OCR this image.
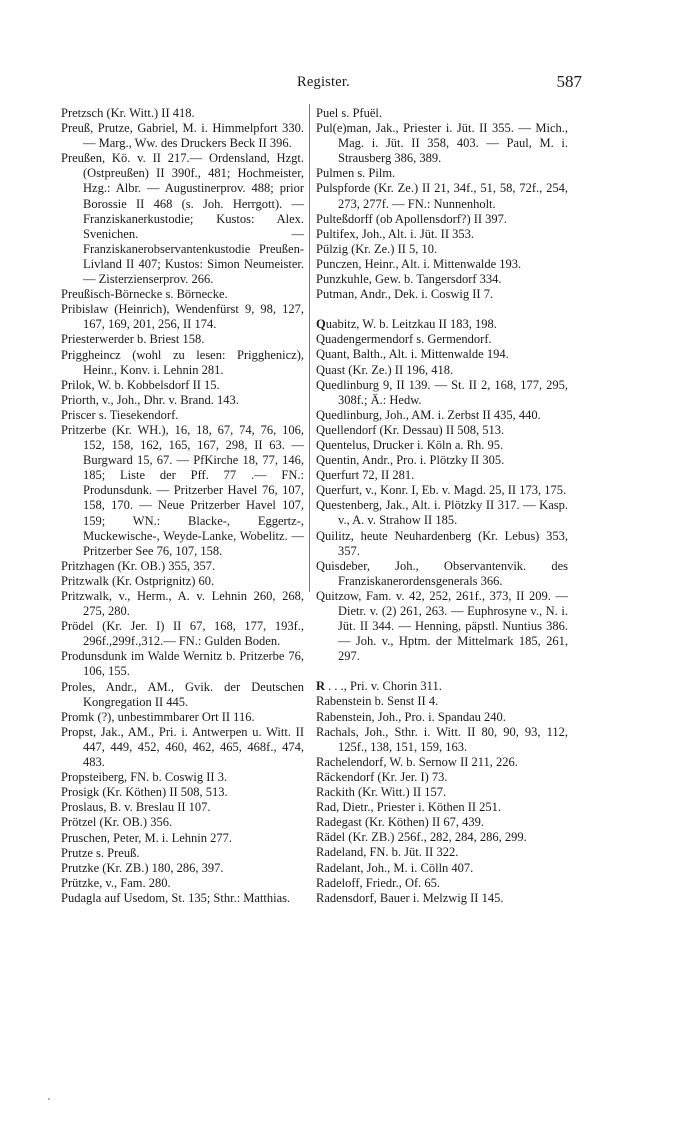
Register.	587
Pretzsch (Kr. Witt.) II 418.
Preuß, Prutze, Gabriel, M. i. Himmelpfort 330. — Marg., Ww. des Druckers Beck II 396.
Preußen, Kö. v. II 217.— Ordensland, Hzgt. (Ostpreußen) II 390f., 481; Hochmeister, Hzg.: Albr. — Augustinerprov. 488; prior Borossie II 468 (s. Joh. Herrgott). — Franziskanerkustodie; Kustos: Alex. Svenichen. — Franziskanerobservantenkustodie Preußen-Livland II 407; Kustos: Simon Neumeister. — Zisterzienserprov. 266.
Preußisch-Börnecke s. Börnecke.
Pribislaw (Heinrich), Wendenfürst 9, 98, 127, 167, 169, 201, 256, II 174.
Priesterwerder b. Briest 158.
Priggheincz (wohl zu lesen: Prigghenicz), Heinr., Konv. i. Lehnin 281.
Prilok, W. b. Kobbelsdorf II 15.
Priorth, v., Joh., Dhr. v. Brand. 143.
Priscer s. Tiesekendorf.
Pritzerbe (Kr. WH.), 16, 18, 67, 74, 76, 106, 152, 158, 162, 165, 167, 298, II 63. — Burgward 15, 67. — PfKirche 18, 77, 146, 185; Liste der Pff. 77 .— FN.: Produnsdunk. — Pritzerber Havel 76, 107, 158, 170. — Neue Pritzerber Havel 107, 159; WN.: Blacke-, Eggertz-, Muckewische-, Weyde-Lanke, Wobelitz. — Pritzerber See 76, 107, 158.
Pritzhagen (Kr. OB.) 355, 357.
Pritzwalk (Kr. Ostprignitz) 60.
Pritzwalk, v., Herm., A. v. Lehnin 260, 268, 275, 280.
Prödel (Kr. Jer. I) II 67, 168, 177, 193f., 296f.,299f.,312.— FN.: Gulden Boden.
Produnsdunk im Walde Wernitz b. Pritzerbe 76, 106, 155.
Proles, Andr., AM., Gvik. der Deutschen Kongregation II 445.
Promk (?), unbestimmbarer Ort II 116.
Propst, Jak., AM., Pri. i. Antwerpen u. Witt. II 447, 449, 452, 460, 462, 465, 468f., 474, 483.
Propsteiberg, FN. b. Coswig II 3.
Prosigk (Kr. Köthen) II 508, 513.
Proslaus, B. v. Breslau II 107.
Prötzel (Kr. OB.) 356.
Pruschen, Peter, M. i. Lehnin 277.
Prutze s. Preuß.
Prutzke (Kr. ZB.) 180, 286, 397.
Prützke, v., Fam. 280.
Pudagla auf Usedom, St. 135; Sthr.: Matthias.
Puel s. Pfuël.
Pul(e)man, Jak., Priester i. Jüt. II 355. — Mich., Mag. i. Jüt. II 358, 403. — Paul, M. i. Strausberg 386, 389.
Pulmen s. Pilm.
Pulspforde (Kr. Ze.) II 21, 34f., 51, 58, 72f., 254, 273, 277f. — FN.: Nunnenholt.
Pulteßdorff (ob Apollensdorf?) II 397.
Pultifex, Joh., Alt. i. Jüt. II 353.
Pülzig (Kr. Ze.) II 5, 10.
Punczen, Heinr., Alt. i. Mittenwalde 193.
Punzkuhle, Gew. b. Tangersdorf 334.
Putman, Andr., Dek. i. Coswig II 7.
Quabitz, W. b. Leitzkau II 183, 198.
Quadengermendorf s. Germendorf.
Quant, Balth., Alt. i. Mittenwalde 194.
Quast (Kr. Ze.) II 196, 418.
Quedlinburg 9, II 139. — St. II 2, 168, 177, 295, 308f.; Ä.: Hedw.
Quedlinburg, Joh., AM. i. Zerbst II 435, 440.
Quellendorf (Kr. Dessau) II 508, 513.
Quentelus, Drucker i. Köln a. Rh. 95.
Quentin, Andr., Pro. i. Plötzky II 305.
Querfurt 72, II 281.
Querfurt, v., Konr. I, Eb. v. Magd. 25, II 173, 175.
Questenberg, Jak., Alt. i. Plötzky II 317. — Kasp. v., A. v. Strahow II 185.
Quilitz, heute Neuhardenberg (Kr. Lebus) 353, 357.
Quisdeber, Joh., Observantenvik. des Franziskanerordensgenerals 366.
Quitzow, Fam. v. 42, 252, 261f., 373, II 209. — Dietr. v. (2) 261, 263. — Euphrosyne v., N. i. Jüt. II 344. — Henning, päpstl. Nuntius 386. — Joh. v., Hptm. der Mittelmark 185, 261, 297.
R . . ., Pri. v. Chorin 311.
Rabenstein b. Senst II 4.
Rabenstein, Joh., Pro. i. Spandau 240.
Rachals, Joh., Sthr. i. Witt. II 80, 90, 93, 112, 125f., 138, 151, 159, 163.
Rachelendorf, W. b. Sernow II 211, 226.
Räckendorf (Kr. Jer. I) 73.
Rackith (Kr. Witt.) II 157.
Rad, Dietr., Priester i. Köthen II 251.
Radegast (Kr. Köthen) II 67, 439.
Rädel (Kr. ZB.) 256f., 282, 284, 286, 299.
Radeland, FN. b. Jüt. II 322.
Radelant, Joh., M. i. Cölln 407.
Radeloff, Friedr., Of. 65.
Radensdorf, Bauer i. Melzwig II 145.
